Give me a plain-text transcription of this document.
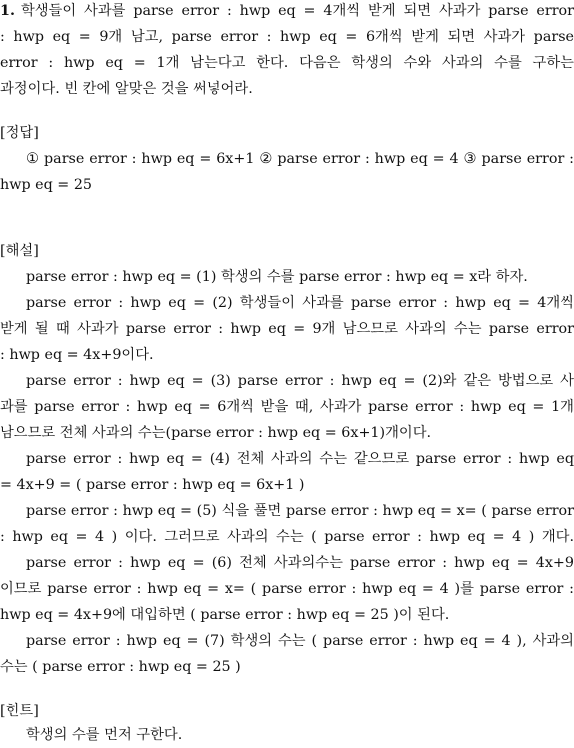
1. 학생들이 사과를 parse error : hwp eq = 4개씩 받게 되면 사과가 parse error
: hwp eq = 9개 남고, parse error : hwp eq = 6개씩 받게 되면 사과가 parse
error : hwp eq = 1개 남는다고 한다. 다음은 학생의 수와 사과의 수를 구하는
과정이다. 빈 칸에 알맞은 것을 써넣어라.
[정답]
① parse error : hwp eq = 6x+1 ② parse error : hwp eq = 4 ③ parse error :
hwp eq = 25
[해설]
parse error : hwp eq = (1) 학생의 수를 parse error : hwp eq = x라 하자.
parse error : hwp eq = (2) 학생들이 사과를 parse error : hwp eq = 4개씩
받게 될 때 사과가 parse error : hwp eq = 9개 남으므로 사과의 수는 parse error
: hwp eq = 4x+9이다.
parse error : hwp eq = (3) parse error : hwp eq = (2)와 같은 방법으로 사
과를 parse error : hwp eq = 6개씩 받을 때, 사과가 parse error : hwp eq = 1개
남으므로 전체 사과의 수는(parse error : hwp eq = 6x+1)개이다.
parse error : hwp eq = (4) 전체 사과의 수는 같으므로 parse error : hwp eq
= 4x+9 = ( parse error : hwp eq = 6x+1 )
parse error : hwp eq = (5) 식을 풀면 parse error : hwp eq = x= ( parse error
: hwp eq = 4 ) 이다. 그러므로 사과의 수는 ( parse error : hwp eq = 4 ) 개다.
parse error : hwp eq = (6) 전체 사과의수는 parse error : hwp eq = 4x+9
이므로 parse error : hwp eq = x= ( parse error : hwp eq = 4 )를 parse error :
hwp eq = 4x+9에 대입하면 ( parse error : hwp eq = 25 )이 된다.
parse error : hwp eq = (7) 학생의 수는 ( parse error : hwp eq = 4 ), 사과의
수는 ( parse error : hwp eq = 25 )
[힌트]
학생의 수를 먼저 구한다.
